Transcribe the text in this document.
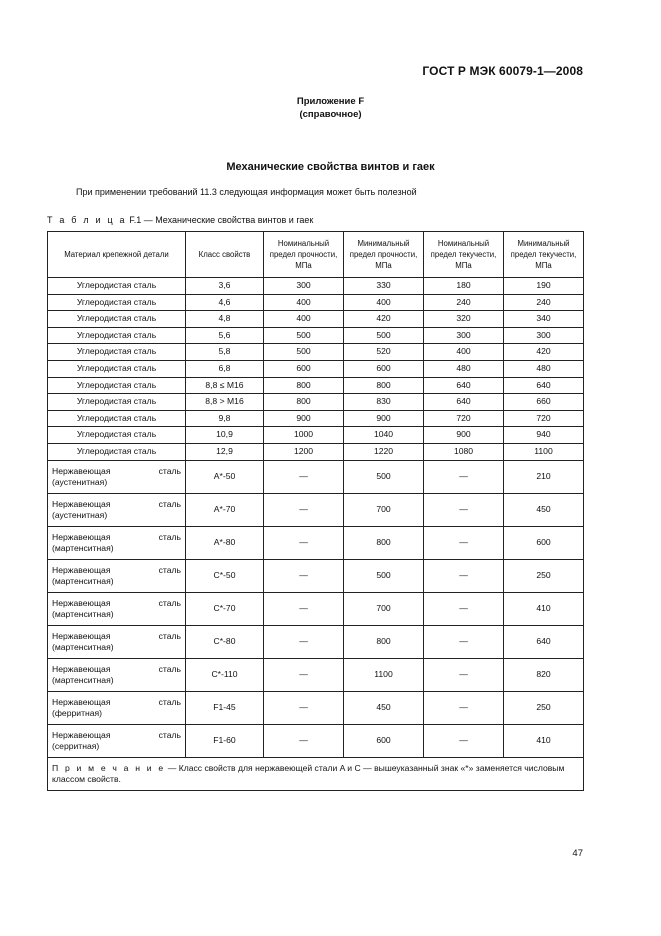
ГОСТ Р МЭК 60079-1—2008
Приложение F
(справочное)
Механические свойства винтов и гаек
При применении требований 11.3 следующая информация может быть полезной
Т а б л и ц а F.1 — Механические свойства винтов и гаек
Материал крепежной детали	Класс свойств	Номинальный предел прочности, МПа	Минимальный предел прочности, МПа	Номинальный предел текучести, МПа	Минимальный предел текучести, МПа
Углеродистая сталь	3,6	300	330	180	190
Углеродистая сталь	4,6	400	400	240	240
Углеродистая сталь	4,8	400	420	320	340
Углеродистая сталь	5,6	500	500	300	300
Углеродистая сталь	5,8	500	520	400	420
Углеродистая сталь	6,8	600	600	480	480
Углеродистая сталь	8,8 ≤ M16	800	800	640	640
Углеродистая сталь	8,8 > M16	800	830	640	660
Углеродистая сталь	9,8	900	900	720	720
Углеродистая сталь	10,9	1000	1040	900	940
Углеродистая сталь	12,9	1200	1220	1080	1100

Нержавеющая сталь
(аустенитная)	A*-50	—	500	—	210

Нержавеющая сталь
(аустенитная)	A*-70	—	700	—	450

Нержавеющая сталь
(мартенситная)	A*-80	—	800	—	600

Нержавеющая сталь
(мартенситная)	C*-50	—	500	—	250

Нержавеющая сталь
(мартенситная)	C*-70	—	700	—	410

Нержавеющая сталь
(мартенситная)	C*-80	—	800	—	640

Нержавеющая сталь
(мартенситная)	C*-110	—	1100	—	820

Нержавеющая сталь
(ферритная)	F1-45	—	450	—	250

Нержавеющая сталь
(серритная)	F1-60	—	600	—	410
П р и м е ч а н и е — Класс свойств для нержавеющей стали A и C — вышеуказанный знак «*» заменяется числовым классом свойств.					
47
